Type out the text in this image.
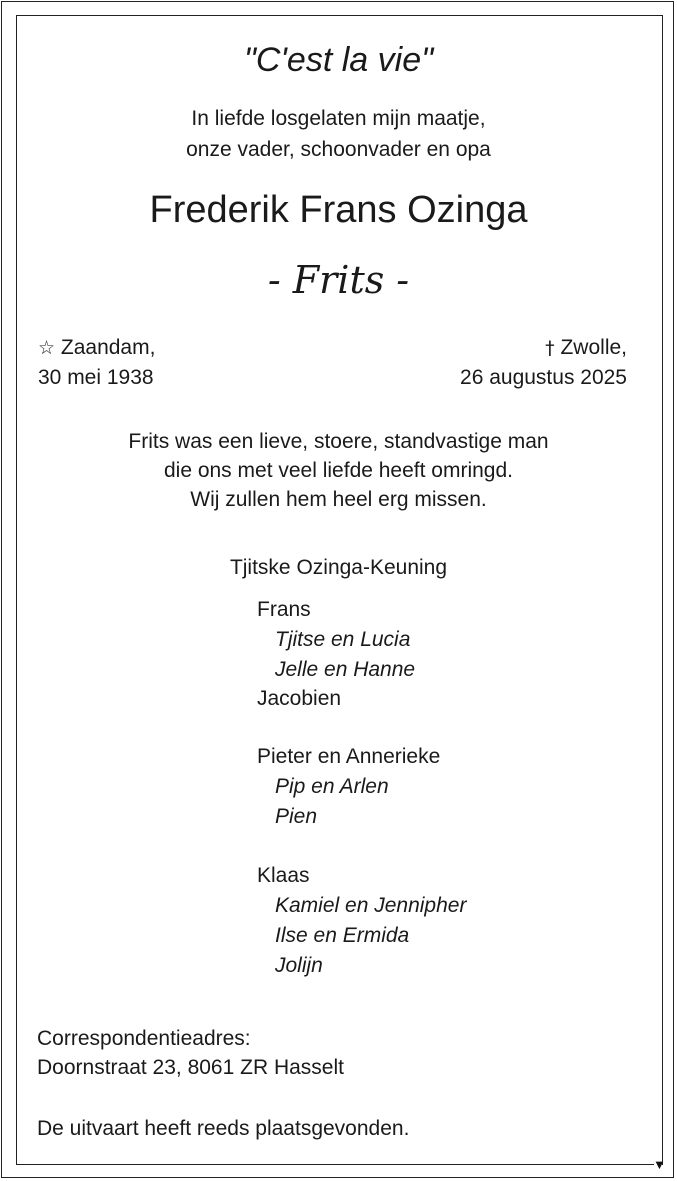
▼
"C'est la vie"
In liefde losgelaten mijn maatje,
onze vader, schoonvader en opa
Frederik Frans Ozinga
- Frits -
☆ Zaandam,
30 mei 1938
† Zwolle,
26 augustus 2025
Frits was een lieve, stoere, standvastige man
die ons met veel liefde heeft omringd.
Wij zullen hem heel erg missen.
Tjitske Ozinga-Keuning
Frans
Tjitse en Lucia
Jelle en Hanne
Jacobien
Pieter en Annerieke
Pip en Arlen
Pien
Klaas
Kamiel en Jennipher
Ilse en Ermida
Jolijn
Correspondentieadres:
Doornstraat 23, 8061 ZR Hasselt
De uitvaart heeft reeds plaatsgevonden.
